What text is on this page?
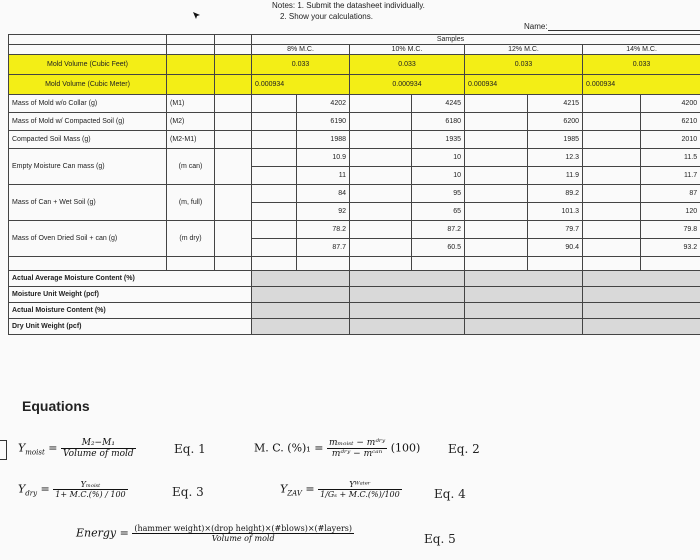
Notes: 1. Submit the datasheet individually.
2. Show your calculations.
Name:
			Samples							
			8% M.C.		10% M.C.		12% M.C.		14% M.C.	
Mold Volume (Cubic Feet)			0.033		0.033		0.033		0.033	
Mold Volume (Cubic Meter)			0.000934		0.000934		0.000934		0.000934	
Mass of Mold w/o Collar (g)	(M1)			4202		4245		4215		4200
Mass of Mold w/ Compacted Soil (g)	(M2)			6190		6180		6200		6210
Compacted Soil Mass (g)	(M2-M1)			1988		1935		1985		2010
Empty Moisture Can mass (g)	(m can)			10.9		10		12.3		11.5
				11		10		11.9		11.7
Mass of Can + Wet Soil (g)	(m, full)			84		95		89.2		87
				92		65		101.3		120
Mass of Oven Dried Soil + can (g)	(m dry)			78.2		87.2		79.7		79.8
				87.7		60.5		90.4		93.2

Actual Average Moisture Content (%)										
Moisture Unit Weight (pcf)										
Actual Moisture Content (%)										
Dry Unit Weight (pcf)										
Equations
$Y_{moist} = \frac{\text{M₂−M₁}}{\text{Volume of mold}}$	Eq. 1	M. C. $(\%)_1 = \frac{\text{mₘₒᵢₛₜ − mᵈʳʸ}}{\text{mᵈʳʸ − mᶜᵃⁿ}} (100)$ Eq. 2
$Y_{dry} = \frac{\text{Yₘₒᵢₛₜ}}{1+ M.C.(\%) / 100}$	Eq. 3	$Y_{ZAV} = \frac{\text{Yᵂᵃᵗᵉʳ}}{\text{1/Gₛ + M.C.(\%)/100}}$	Eq. 4
Energy = $\frac{\text{(hammer weight)×(drop height)×(\#blows)×(\#layers)}}{\text{Volume of mold}}$	Eq. 5
